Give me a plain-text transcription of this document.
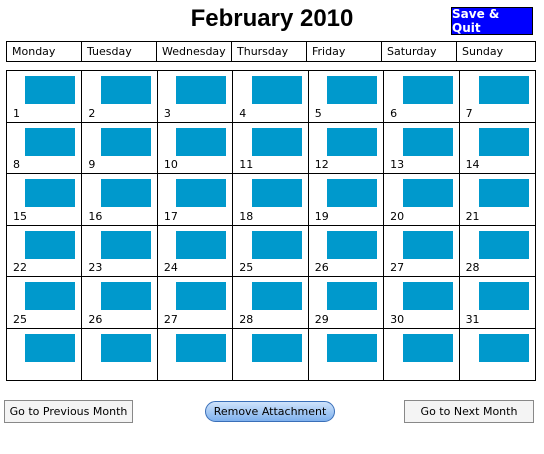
February 2010	Save & Quit
Monday	Tuesday	Wednesday	Thursday	Friday	Saturday	Sunday
1	2	3	4	5	6	7
8	9	10	11	12	13	14
15	16	17	18	19	20	21
22	23	24	25	26	27	28
25	26	27	28	29	30	31
Go to Previous Month	Remove Attachment	Go to Next Month
